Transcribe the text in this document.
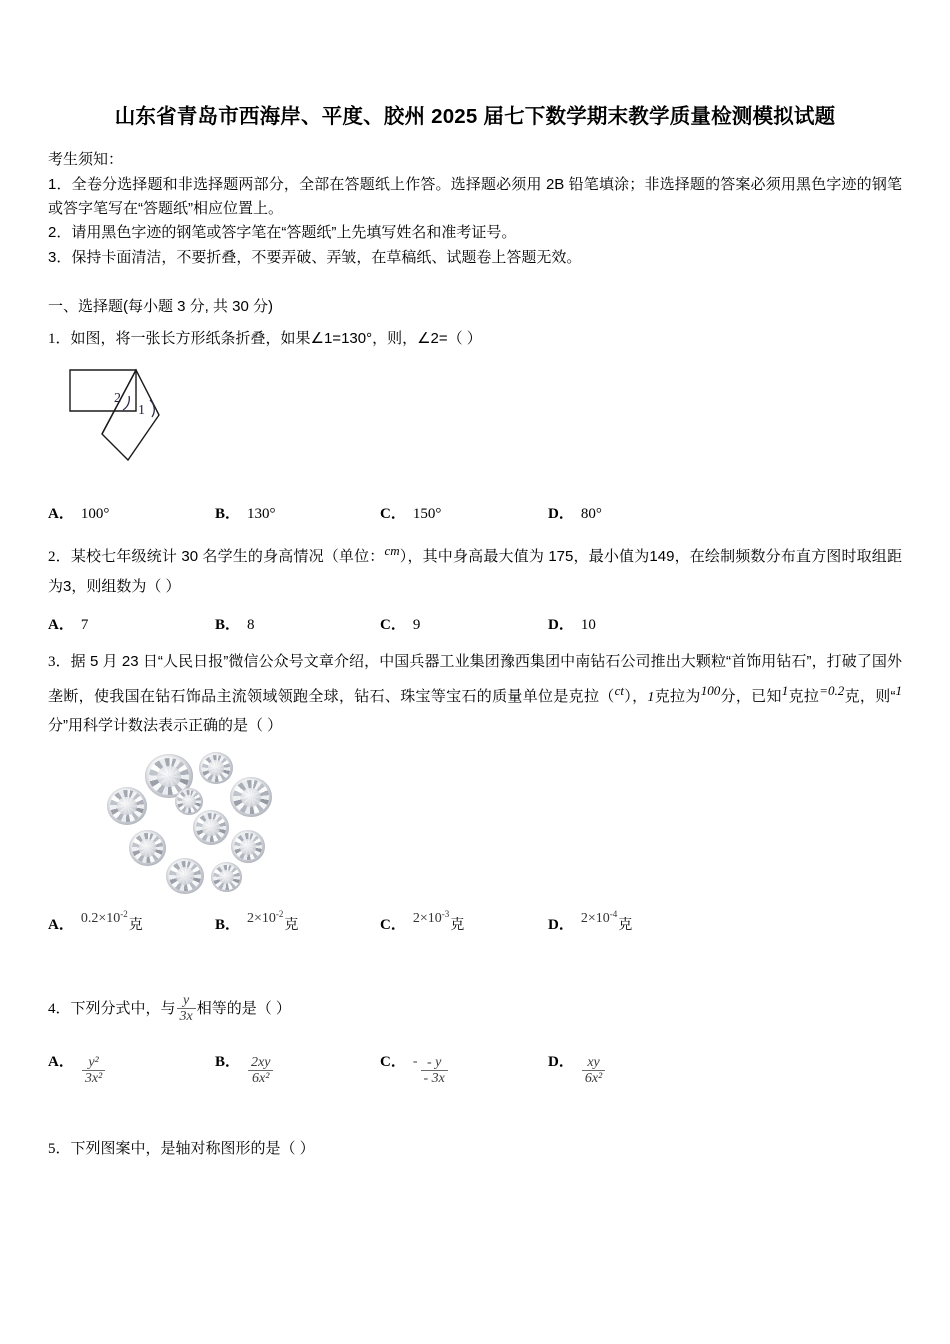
山东省青岛市西海岸、平度、胶州 2025 届七下数学期末教学质量检测模拟试题

考生须知：

1．全卷分选择题和非选择题两部分，全部在答题纸上作答。选择题必须用 2B 铅笔填涂；非选择题的答案必须用黑色字迹的钢笔或答字笔写在“答题纸”相应位置上。

2．请用黑色字迹的钢笔或答字笔在“答题纸”上先填写姓名和准考证号。

3．保持卡面清洁，不要折叠，不要弄破、弄皱，在草稿纸、试题卷上答题无效。

一、选择题(每小题 3 分, 共 30 分)

1．如图，将一张长方形纸条折叠，如果∠1=130°，则，∠2=（ ）

2
1
A． 100°	B． 130°	C． 150°	D． 80°

2．某校七年级统计 30 名学生的身高情况（单位：cm），其中身高最大值为 175，最小值为149，在绘制频数分布直方图时取组距为3，则组数为（ ）

A． 7	B． 8	C． 9	D． 10

3．据 5 月 23 日“人民日报”微信公众号文章介绍，中国兵器工业集团豫西集团中南钻石公司推出大颗粒“首饰用钻石”，打破了国外垄断，使我国在钻石饰品主流领域领跑全球，钻石、珠宝等宝石的质量单位是克拉（ct），1克拉为100分，已知1克拉=0.2克，则“1分”用科学计数法表示正确的是（ ）

A． $0.2\times 10^{-2}$
克	B． $2\times 10^{-2}$
克	C． $2\times 10^{-3}$
克	D． $2\times 10^{-4}$
克

4．下列分式中，与 $\frac{y}{3x}$ 相等的是（ ）

A． $\frac{\text{y²}}{\text{3x²}}$	B． $\frac{2xy}{\text{6x²}}$	C． - $\frac{- y}{- 3x}$	D． $\frac{xy}{\text{6x²}}$

5．下列图案中，是轴对称图形的是（ ）
